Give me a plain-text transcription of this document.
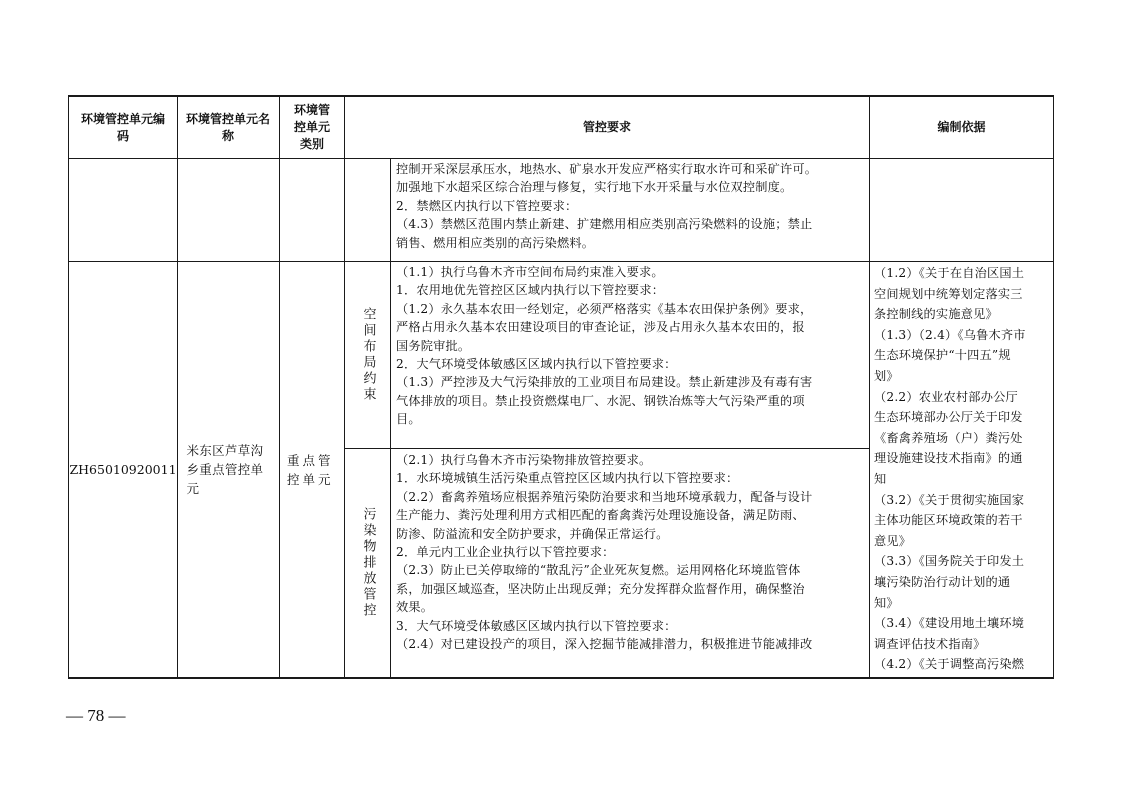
环境管控单元编码
环境管控单元名称
环境管控单元类别
管控要求	编制依据
控制开采深层承压水，地热水、矿泉水开发应严格实行取水许可和采矿许可。
加强地下水超采区综合治理与修复，实行地下水开采量与水位双控制度。
2．禁燃区内执行以下管控要求：
（4.3）禁燃区范围内禁止新建、扩建燃用相应类别高污染燃料的设施；禁止
销售、燃用相应类别的高污染燃料。
ZH65010920011
米东区芦草沟乡重点管控单元
重点管控单元
空间布局约束
污染物排放管控
（1.1）执行乌鲁木齐市空间布局约束准入要求。
1．农用地优先管控区区域内执行以下管控要求：
（1.2）永久基本农田一经划定，必须严格落实《基本农田保护条例》要求，
严格占用永久基本农田建设项目的审查论证，涉及占用永久基本农田的，报
国务院审批。
2．大气环境受体敏感区区域内执行以下管控要求：
（1.3）严控涉及大气污染排放的工业项目布局建设。禁止新建涉及有毒有害
气体排放的项目。禁止投资燃煤电厂、水泥、钢铁冶炼等大气污染严重的项
目。
（2.1）执行乌鲁木齐市污染物排放管控要求。
1．水环境城镇生活污染重点管控区区域内执行以下管控要求：
（2.2）畜禽养殖场应根据养殖污染防治要求和当地环境承载力，配备与设计
生产能力、粪污处理利用方式相匹配的畜禽粪污处理设施设备，满足防雨、
防渗、防溢流和安全防护要求，并确保正常运行。
2．单元内工业企业执行以下管控要求：
（2.3）防止已关停取缔的“散乱污”企业死灰复燃。运用网格化环境监管体
系，加强区域巡查，坚决防止出现反弹；充分发挥群众监督作用，确保整治
效果。
3．大气环境受体敏感区区域内执行以下管控要求：
（2.4）对已建设投产的项目，深入挖掘节能减排潜力，积极推进节能减排改
（1.2）《关于在自治区国土
空间规划中统筹划定落实三
条控制线的实施意见》
（1.3）（2.4）《乌鲁木齐市
生态环境保护“十四五”规
划》
（2.2）农业农村部办公厅
生态环境部办公厅关于印发
《畜禽养殖场（户）粪污处
理设施建设技术指南》的通
知
（3.2）《关于贯彻实施国家
主体功能区环境政策的若干
意见》
（3.3）《国务院关于印发土
壤污染防治行动计划的通
知》
（3.4）《建设用地土壤环境
调查评估技术指南》
（4.2）《关于调整高污染燃
— 78 —
